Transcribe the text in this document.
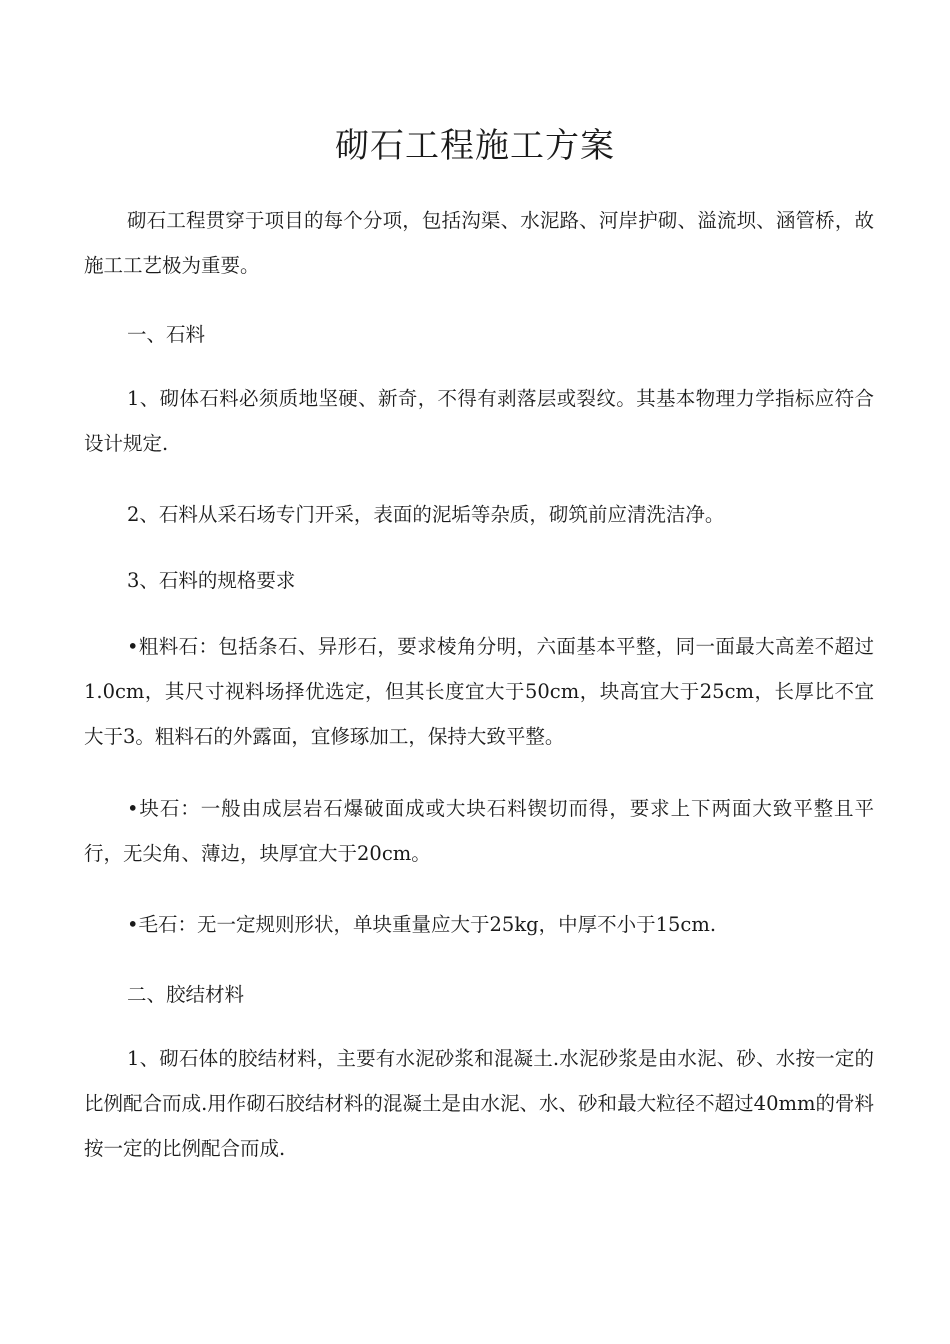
砌石工程施工方案

砌石工程贯穿于项目的每个分项，包括沟渠、水泥路、河岸护砌、溢流坝、涵管桥，故施工工艺极为重要。

一、石料

1、砌体石料必须质地坚硬、新奇，不得有剥落层或裂纹。其基本物理力学指标应符合设计规定.

2、石料从采石场专门开采，表面的泥垢等杂质，砌筑前应清洗洁净。

3、石料的规格要求

•粗料石：包括条石、异形石，要求棱角分明，六面基本平整，同一面最大高差不超过1.0cm，其尺寸视料场择优选定，但其长度宜大于50cm，块高宜大于25cm，长厚比不宜大于3。粗料石的外露面，宜修琢加工，保持大致平整。

•块石：一般由成层岩石爆破面成或大块石料锲切而得，要求上下两面大致平整且平行，无尖角、薄边，块厚宜大于20cm。

•毛石：无一定规则形状，单块重量应大于25kg，中厚不小于15cm.

二、胶结材料

1、砌石体的胶结材料，主要有水泥砂浆和混凝土.水泥砂浆是由水泥、砂、水按一定的比例配合而成.用作砌石胶结材料的混凝土是由水泥、水、砂和最大粒径不超过40mm的骨料按一定的比例配合而成.
